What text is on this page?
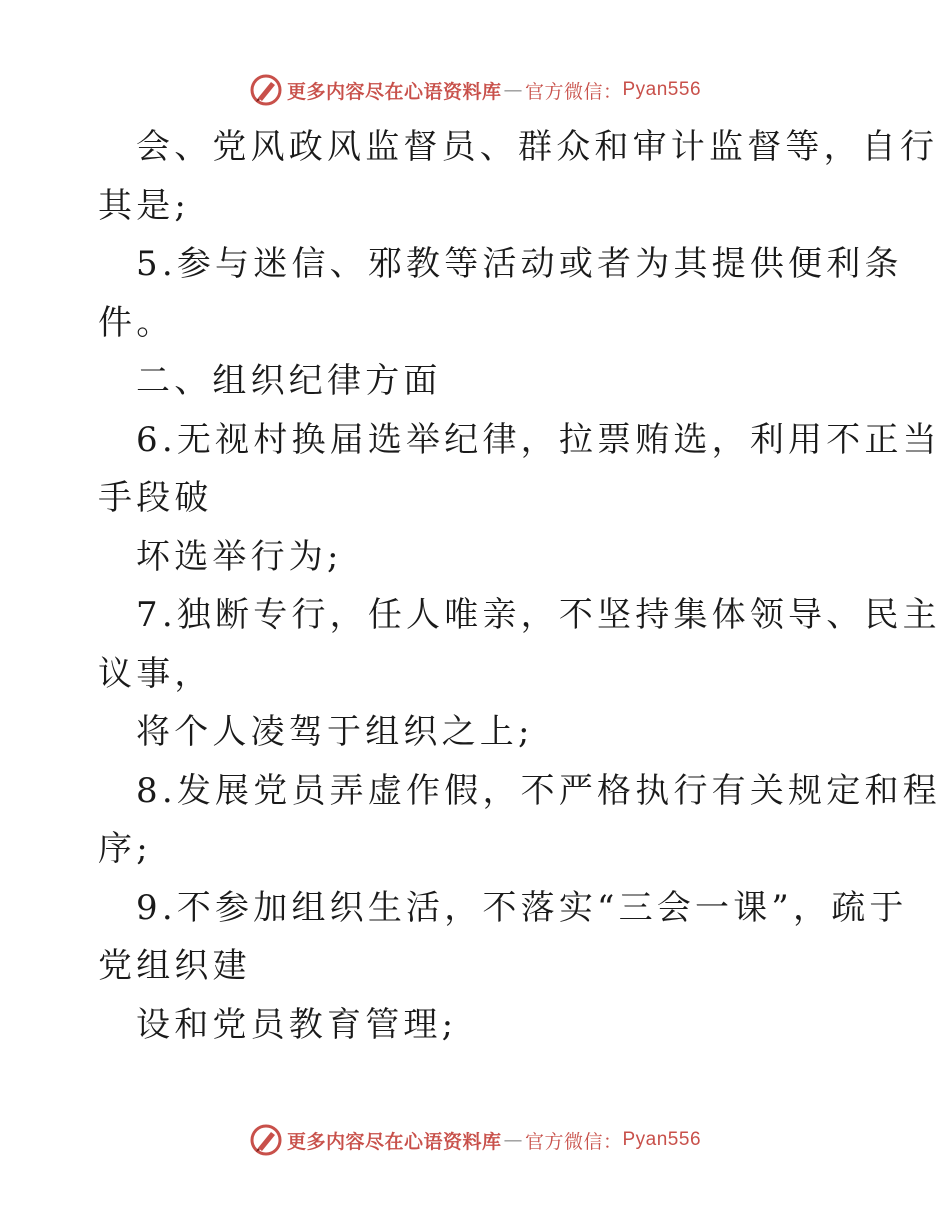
更多内容尽在心语资料库 — 官方微信： Pyan556
会、党风政风监督员、群众和审计监督等，自行
其是;
5.参与迷信、邪教等活动或者为其提供便利条
件。
二、组织纪律方面
6.无视村换届选举纪律，拉票贿选，利用不正当
手段破
坏选举行为;
7.独断专行，任人唯亲，不坚持集体领导、民主
议事，
将个人凌驾于组织之上;
8.发展党员弄虚作假，不严格执行有关规定和程
序;
9.不参加组织生活，不落实“三会一课”，疏于
党组织建
设和党员教育管理;
更多内容尽在心语资料库 — 官方微信： Pyan556
